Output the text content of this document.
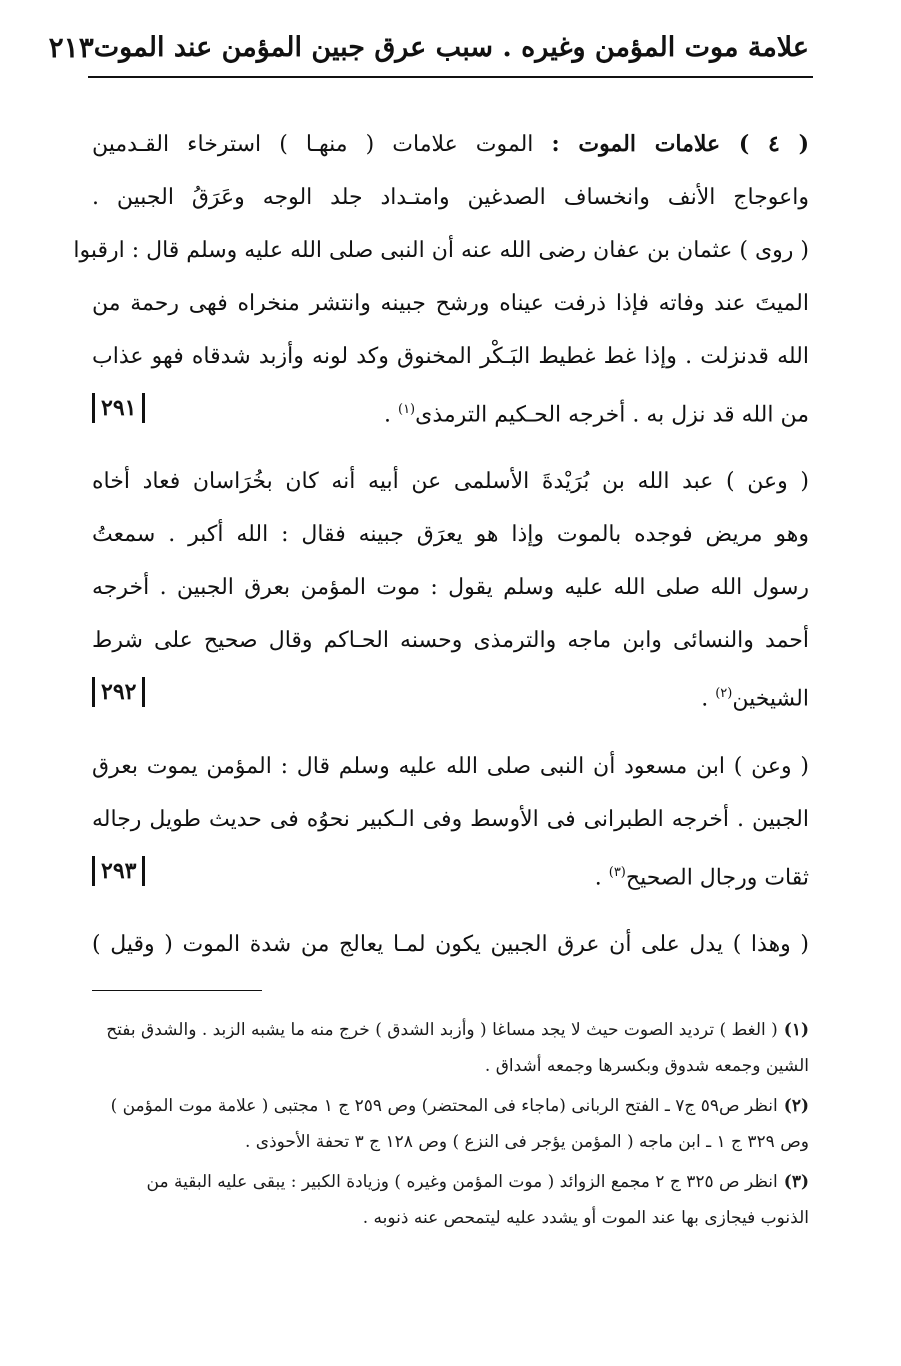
علامة موت المؤمن وغيره . سبب عرق جبين المؤمن عند الموت
٢١٣
( ٤ ) علامات الموت : الموت علامات ( منهـا ) استرخاء القـدمين
واعوجاج الأنف وانخساف الصدغين وامتـداد جلد الوجه وعَرَقُ الجبين .
( روى ) عثمان بن عفان رضى الله عنه أن النبى صلى الله عليه وسلم قال : ارقبوا
الميتَ عند وفاته فإذا ذرفت عيناه ورشح جبينه وانتشر منخراه فهى رحمة من
الله قدنزلت . وإذا غط غطيط البَـكْر المخنوق وكد لونه وأزبد شدقاه فهو عذاب
من الله قد نزل به . أخرجه الحـكيم الترمذى$^{(١)}$ .
٢٩١
( وعن ) عبد الله بن بُرَيْدةَ الأسلمى عن أبيه أنه كان بخُرَاسان فعاد أخاه
وهو مريض فوجده بالموت وإذا هو يعرَق جبينه فقال : الله أكبر . سمعتُ
رسول الله صلى الله عليه وسلم يقول : موت المؤمن بعرق الجبين . أخرجه
أحمد والنسائى وابن ماجه والترمذى وحسنه الحـاكم وقال صحيح على شرط
الشيخين$^{(٢)}$ .
٢٩٢
( وعن ) ابن مسعود أن النبى صلى الله عليه وسلم قال : المؤمن يموت بعرق
الجبين . أخرجه الطبرانى فى الأوسط وفى الـكبير نحوُه فى حديث طويل رجاله
ثقات ورجال الصحيح$^{(٣)}$ .
٢٩٣
( وهذا ) يدل على أن عرق الجبين يكون لمـا يعالج من شدة الموت ( وقيل )

(١)( الغط ) ترديد الصوت حيث لا يجد مساغا ( وأزبد الشدق ) خرج منه ما يشبه الزبد . والشدق بفتح الشين وجمعه شدوق وبكسرها وجمعه أشداق .

(٢)انظر ص٥٩ ج٧ ـ الفتح الربانى (ماجاء فى المحتضر) وص ٢٥٩ ج ١ مجتبى ( علامة موت المؤمن ) وص ٣٢٩ ج ١ ـ ابن ماجه ( المؤمن يؤجر فى النزع ) وص ١٢٨ ج ٣ تحفة الأحوذى .

(٣)انظر ص ٣٢٥ ج ٢ مجمع الزوائد ( موت المؤمن وغيره ) وزيادة الكبير : يبقى عليه البقية من الذنوب فيجازى بها عند الموت أو يشدد عليه ليتمحص عنه ذنوبه .
